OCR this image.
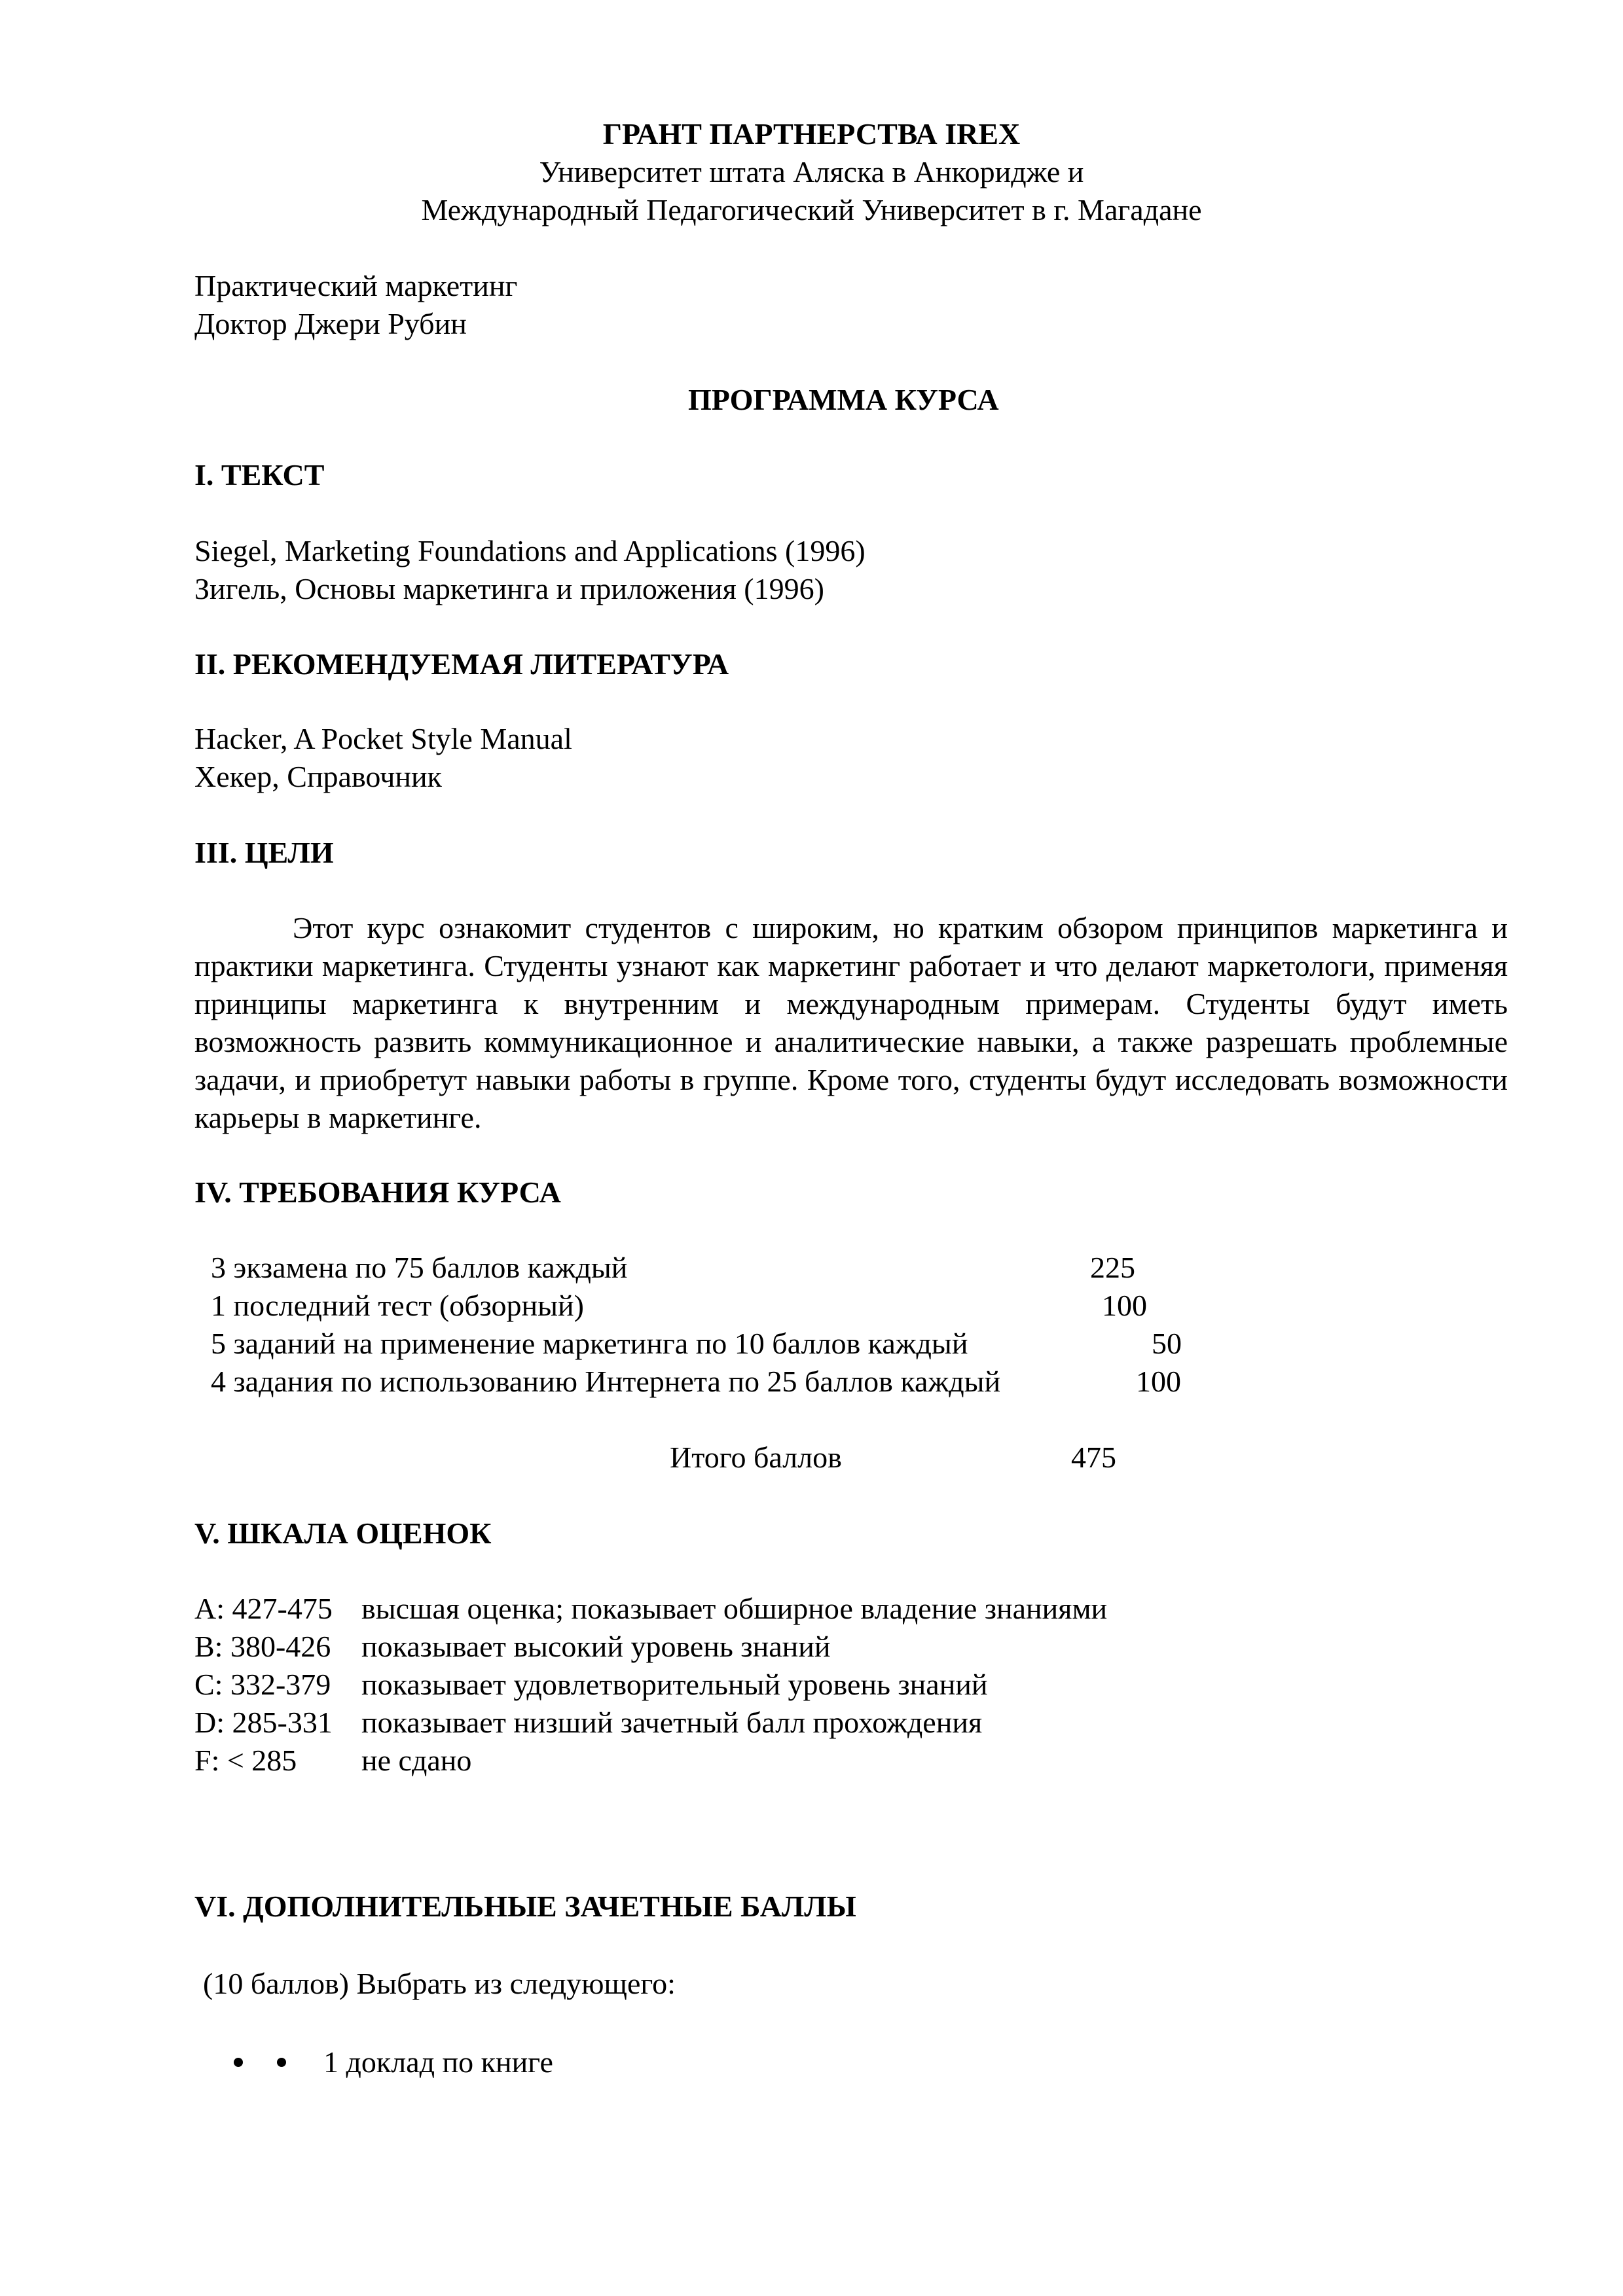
ГРАНТ ПАРТНЕРСТВА IREX
Университет штата Аляска в Анкоридже и
Международный Педагогический Университет в г. Магадане
Практический маркетинг
Доктор Джери Рубин
ПРОГРАММА КУРСА
I. ТЕКСТ
Siegel, Marketing Foundations and Applications (1996)
Зигель, Основы маркетинга и приложения (1996)
II. РЕКОМЕНДУЕМАЯ ЛИТЕРАТУРА
Hacker, A Pocket Style Manual
Хекер, Справочник
III. ЦЕЛИ
Этот курс ознакомит студентов с широким, но кратким обзором принципов маркетинга и практики маркетинга. Студенты узнают как маркетинг работает и что делают маркетологи, применяя принципы маркетинга к внутренним и международным примерам. Студенты будут иметь возможность развить коммуникационное и аналитические навыки, а также разрешать проблемные задачи, и приобретут навыки работы в группе. Кроме того, студенты будут исследовать возможности карьеры в маркетинге.
IV. ТРЕБОВАНИЯ КУРСА
3 экзамена по 75 баллов каждый	225
1 последний тест (обзорный)	100
5 заданий на применение маркетинга по 10 баллов каждый	50
4 задания по использованию Интернета по 25 баллов каждый	100
Итого баллов	475
V. ШКАЛА ОЦЕНОК
A: 427-475 высшая оценка; показывает обширное владение знаниями
B: 380-426 показывает высокий уровень знаний
C: 332-379 показывает удовлетворительный уровень знаний
D: 285-331 показывает низший зачетный балл прохождения
F: < 285 не сдано
VI. ДОПОЛНИТЕЛЬНЫЕ ЗАЧЕТНЫЕ БАЛЛЫ
(10 баллов) Выбрать из следующего:
1 доклад по книге
